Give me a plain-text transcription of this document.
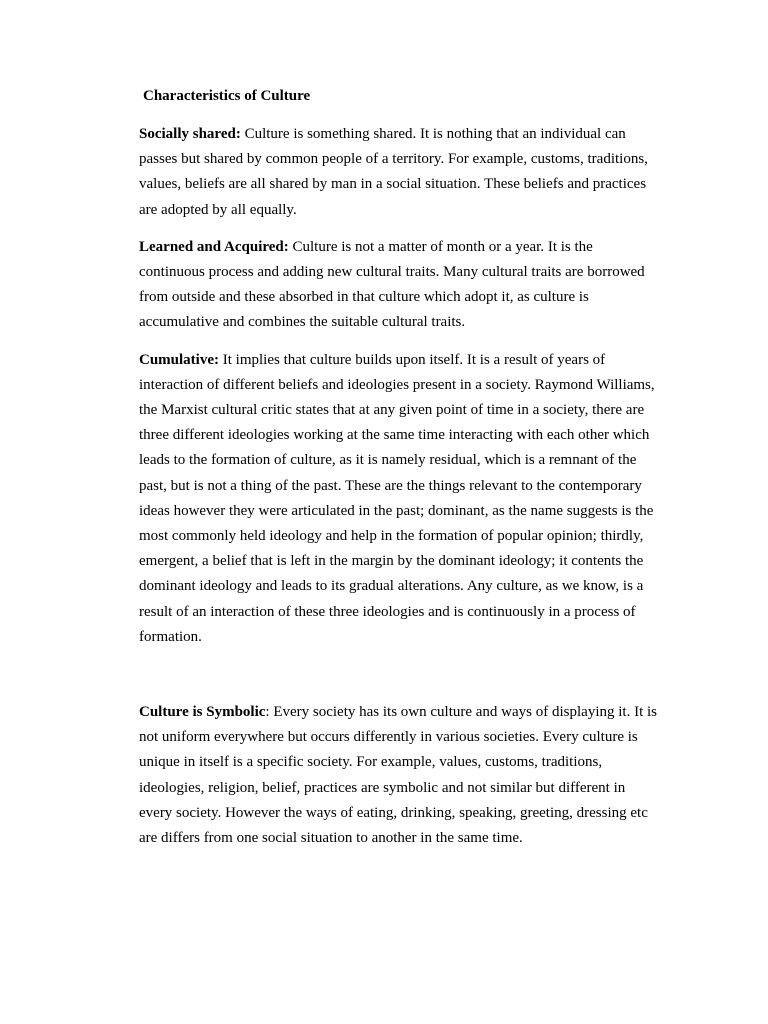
Characteristics of Culture
Socially shared: Culture is something shared. It is nothing that an individual can
passes but shared by common people of a territory. For example, customs, traditions,
values, beliefs are all shared by man in a social situation. These beliefs and practices
are adopted by all equally.
Learned and Acquired: Culture is not a matter of month or a year. It is the
continuous process and adding new cultural traits. Many cultural traits are borrowed
from outside and these absorbed in that culture which adopt it, as culture is
accumulative and combines the suitable cultural traits.
Cumulative: It implies that culture builds upon itself. It is a result of years of
interaction of different beliefs and ideologies present in a society. Raymond Williams,
the Marxist cultural critic states that at any given point of time in a society, there are
three different ideologies working at the same time interacting with each other which
leads to the formation of culture, as it is namely residual, which is a remnant of the
past, but is not a thing of the past. These are the things relevant to the contemporary
ideas however they were articulated in the past; dominant, as the name suggests is the
most commonly held ideology and help in the formation of popular opinion; thirdly,
emergent, a belief that is left in the margin by the dominant ideology; it contents the
dominant ideology and leads to its gradual alterations. Any culture, as we know, is a
result of an interaction of these three ideologies and is continuously in a process of
formation.
Culture is Symbolic: Every society has its own culture and ways of displaying it. It is
not uniform everywhere but occurs differently in various societies. Every culture is
unique in itself is a specific society. For example, values, customs, traditions,
ideologies, religion, belief, practices are symbolic and not similar but different in
every society. However the ways of eating, drinking, speaking, greeting, dressing etc
are differs from one social situation to another in the same time.
